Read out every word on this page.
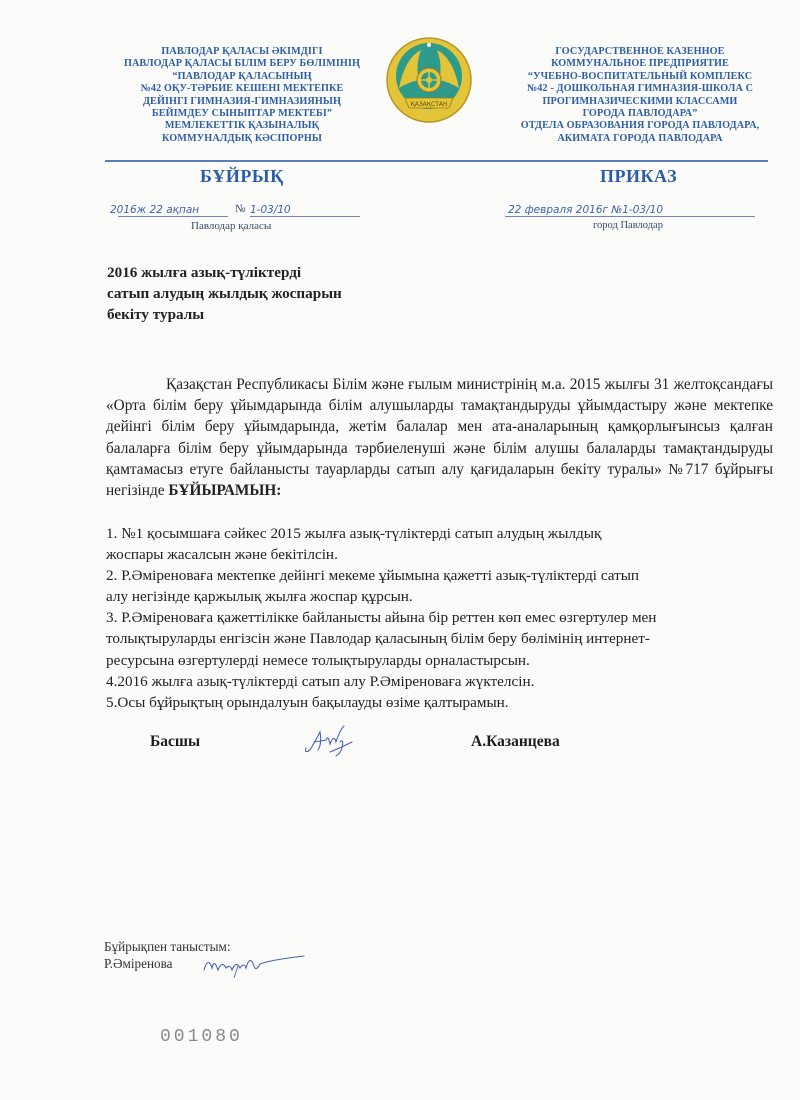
ПАВЛОДАР ҚАЛАСЫ ӘКІМДІГІ
ПАВЛОДАР ҚАЛАСЫ БІЛІМ БЕРУ БӨЛІМІНІҢ
“ПАВЛОДАР ҚАЛАСЫНЫҢ
№42 ОҚУ-ТӘРБИЕ КЕШЕНІ МЕКТЕПКЕ
ДЕЙІНГІ ГИМНАЗИЯ-ГИМНАЗИЯНЫҢ
БЕЙІМДЕУ СЫНЫПТАР МЕКТЕБІ”
МЕМЛЕКЕТТІК ҚАЗЫНАЛЫҚ
КОММУНАЛДЫҚ КӘСІПОРНЫ
ҚАЗАҚСТАН
ГОСУДАРСТВЕННОЕ КАЗЕННОЕ
КОММУНАЛЬНОЕ ПРЕДПРИЯТИЕ
“УЧЕБНО-ВОСПИТАТЕЛЬНЫЙ КОМПЛЕКС
№42 - ДОШКОЛЬНАЯ ГИМНАЗИЯ-ШКОЛА С
ПРОГИМНАЗИЧЕСКИМИ КЛАССАМИ
ГОРОДА ПАВЛОДАРА”
ОТДЕЛА ОБРАЗОВАНИЯ ГОРОДА ПАВЛОДАРА,
АКИМАТА ГОРОДА ПАВЛОДАРА
БҰЙРЫҚ	ПРИКАЗ
2016ж 22 ақпан	№ 1-03/10
Павлодар қаласы
22 февраля 2016г №1-03/10
город Павлодар
2016 жылға азық-түліктерді
сатып алудың жылдық жоспарын
бекіту туралы

Қазақстан Республикасы Білім және ғылым министрінің м.а. 2015 жылғы 31 желтоқсандағы «Орта білім беру ұйымдарында білім алушыларды тамақтандыруды ұйымдастыру және мектепке дейінгі білім беру ұйымдарында, жетім балалар мен ата-аналарының қамқорлығынсыз қалған балаларға білім беру ұйымдарында тәрбиеленуші және білім алушы балаларды тамақтандыруды қамтамасыз етуге байланысты тауарларды сатып алу қағидаларын бекіту туралы» №717 бұйрығы негізінде БҰЙЫРАМЫН:

1. №1 қосымшаға сәйкес 2015 жылға азық-түліктерді сатып алудың жылдық
жоспары жасалсын және бекітілсін.
2. Р.Әміреноваға мектепке дейінгі мекеме ұйымына қажетті азық-түліктерді сатып
алу негізінде қаржылық жылға жоспар құрсын.
3. Р.Әміреноваға қажеттілікке байланысты айына бір реттен көп емес өзгертулер мен
толықтыруларды енгізсін және Павлодар қаласының білім беру бөлімінің интернет-
ресурсына өзгертулерді немесе толықтыруларды орналастырсын.
4.2016 жылға азық-түліктерді сатып алу Р.Әміреноваға жүктелсін.
5.Осы бұйрықтың орындалуын бақылауды өзіме қалтырамын.
Басшы	А.Казанцева
Бұйрықпен таныстым:
Р.Әміренова
001080
